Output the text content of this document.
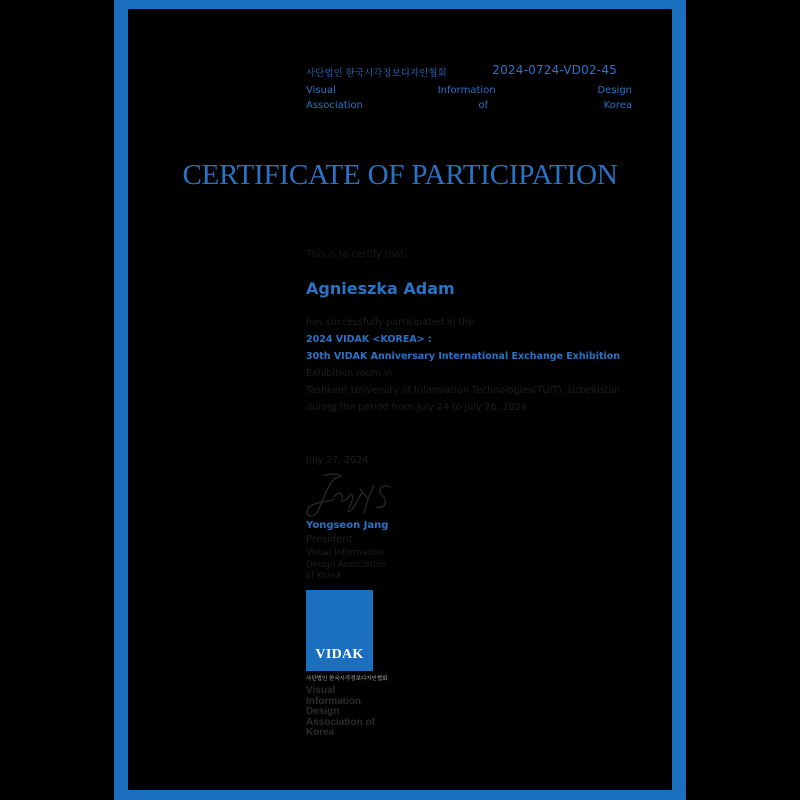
사단법인 한국시각정보디자인협회	2024-0724-VD02-45
Visual Information Design
Association of Korea
CERTIFICATE OF PARTICIPATION
This is to certify that
Agnieszka Adam
has successfully participated in the
2024 VIDAK <KOREA> :
30th VIDAK Anniversary International Exchange Exhibition
Exhibition room in
Tashkent University of Information Technologies(TUIT), Uzbekistan
during the period from July 24 to July 26, 2024
July 27, 2024
Yongseon Jang
President
Visual Information
Design Association
of Korea
VIDAK
사단법인 한국시각정보디자인협회
Visual
Information
Design
Association of
Korea
